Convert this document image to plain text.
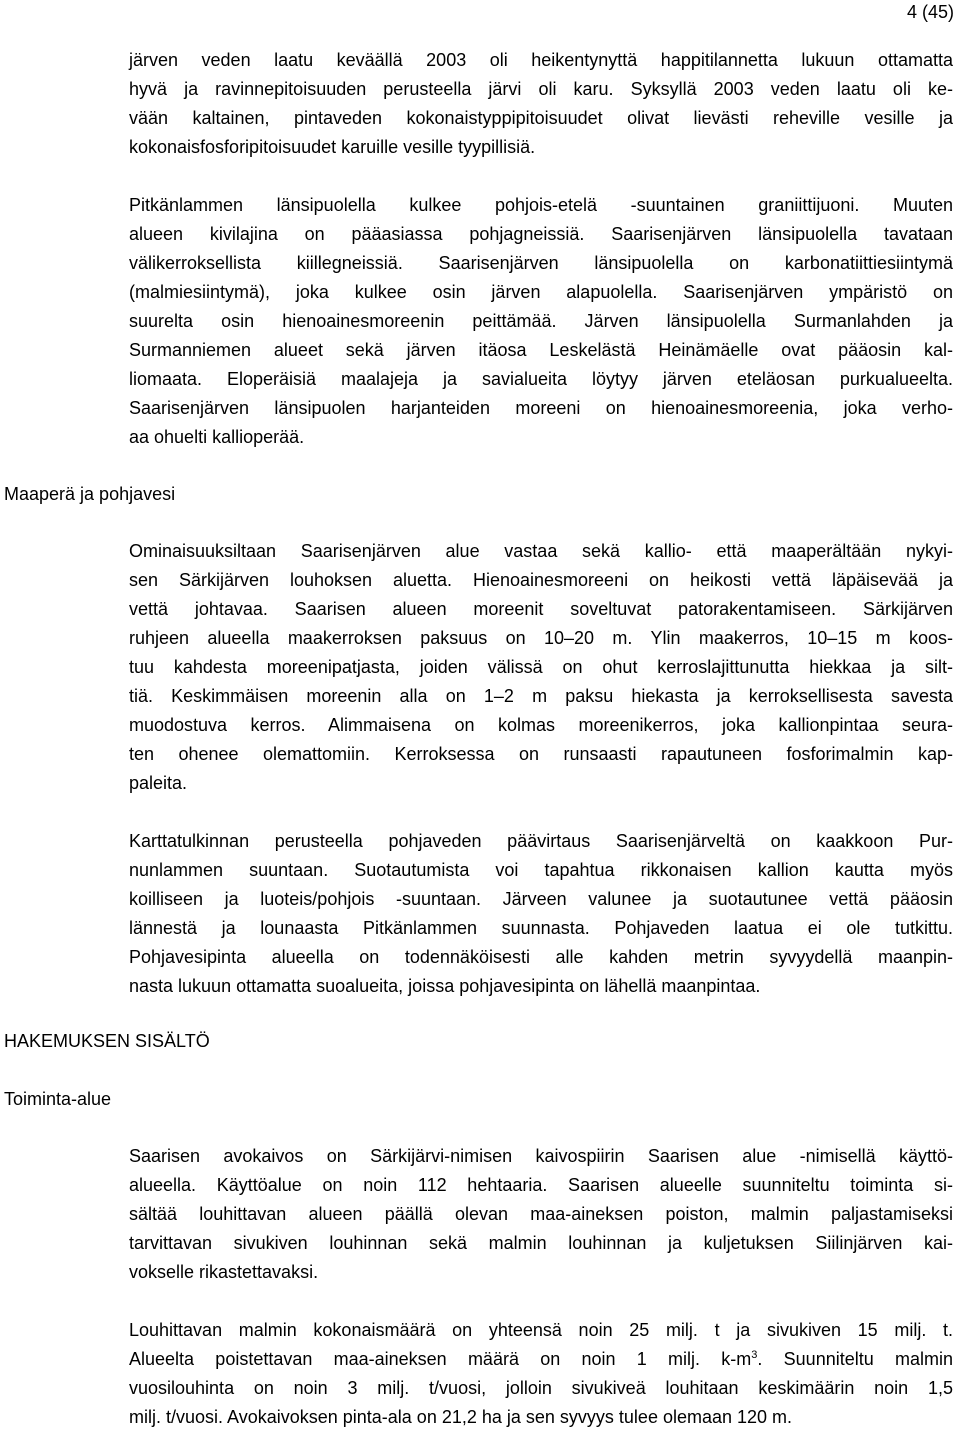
4 (45)
järven veden laatu keväällä 2003 oli heikentynyttä happitilannetta lukuun ottamatta
hyvä ja ravinnepitoisuuden perusteella järvi oli karu. Syksyllä 2003 veden laatu oli ke-
vään kaltainen, pintaveden kokonaistyppipitoisuudet olivat lievästi reheville vesille ja
kokonaisfosforipitoisuudet karuille vesille tyypillisiä.
Pitkänlammen länsipuolella kulkee pohjois-etelä -suuntainen graniittijuoni. Muuten
alueen kivilajina on pääasiassa pohjagneissiä. Saarisenjärven länsipuolella tavataan
välikerroksellista kiillegneissiä. Saarisenjärven länsipuolella on karbonatiittiesiintymä
(malmiesiintymä), joka kulkee osin järven alapuolella. Saarisenjärven ympäristö on
suurelta osin hienoainesmoreenin peittämää. Järven länsipuolella Surmanlahden ja
Surmanniemen alueet sekä järven itäosa Leskelästä Heinämäelle ovat pääosin kal-
liomaata. Eloperäisiä maalajeja ja savialueita löytyy järven eteläosan purkualueelta.
Saarisenjärven länsipuolen harjanteiden moreeni on hienoainesmoreenia, joka verho-
aa ohuelti kallioperää.
Maaperä ja pohjavesi
Ominaisuuksiltaan Saarisenjärven alue vastaa sekä kallio- että maaperältään nykyi-
sen Särkijärven louhoksen aluetta. Hienoainesmoreeni on heikosti vettä läpäisevää ja
vettä johtavaa. Saarisen alueen moreenit soveltuvat patorakentamiseen. Särkijärven
ruhjeen alueella maakerroksen paksuus on 10–20 m. Ylin maakerros, 10–15 m koos-
tuu kahdesta moreenipatjasta, joiden välissä on ohut kerroslajittunutta hiekkaa ja silt-
tiä. Keskimmäisen moreenin alla on 1–2 m paksu hiekasta ja kerroksellisesta savesta
muodostuva kerros. Alimmaisena on kolmas moreenikerros, joka kallionpintaa seura-
ten ohenee olemattomiin. Kerroksessa on runsaasti rapautuneen fosforimalmin kap-
paleita.
Karttatulkinnan perusteella pohjaveden päävirtaus Saarisenjärveltä on kaakkoon Pur-
nunlammen suuntaan. Suotautumista voi tapahtua rikkonaisen kallion kautta myös
koilliseen ja luoteis/pohjois -suuntaan. Järveen valunee ja suotautunee vettä pääosin
lännestä ja lounaasta Pitkänlammen suunnasta. Pohjaveden laatua ei ole tutkittu.
Pohjavesipinta alueella on todennäköisesti alle kahden metrin syvyydellä maanpin-
nasta lukuun ottamatta suoalueita, joissa pohjavesipinta on lähellä maanpintaa.
HAKEMUKSEN SISÄLTÖ
Toiminta-alue
Saarisen avokaivos on Särkijärvi-nimisen kaivospiirin Saarisen alue -nimisellä käyttö-
alueella. Käyttöalue on noin 112 hehtaaria. Saarisen alueelle suunniteltu toiminta si-
sältää louhittavan alueen päällä olevan maa-aineksen poiston, malmin paljastamiseksi
tarvittavan sivukiven louhinnan sekä malmin louhinnan ja kuljetuksen Siilinjärven kai-
vokselle rikastettavaksi.
Louhittavan malmin kokonaismäärä on yhteensä noin 25 milj. t ja sivukiven 15 milj. t.
Alueelta poistettavan maa-aineksen määrä on noin 1 milj. $k-m^3$. Suunniteltu malmin
vuosilouhinta on noin 3 milj. t/vuosi, jolloin sivukiveä louhitaan keskimäärin noin 1,5
milj. t/vuosi. Avokaivoksen pinta-ala on 21,2 ha ja sen syvyys tulee olemaan 120 m.
